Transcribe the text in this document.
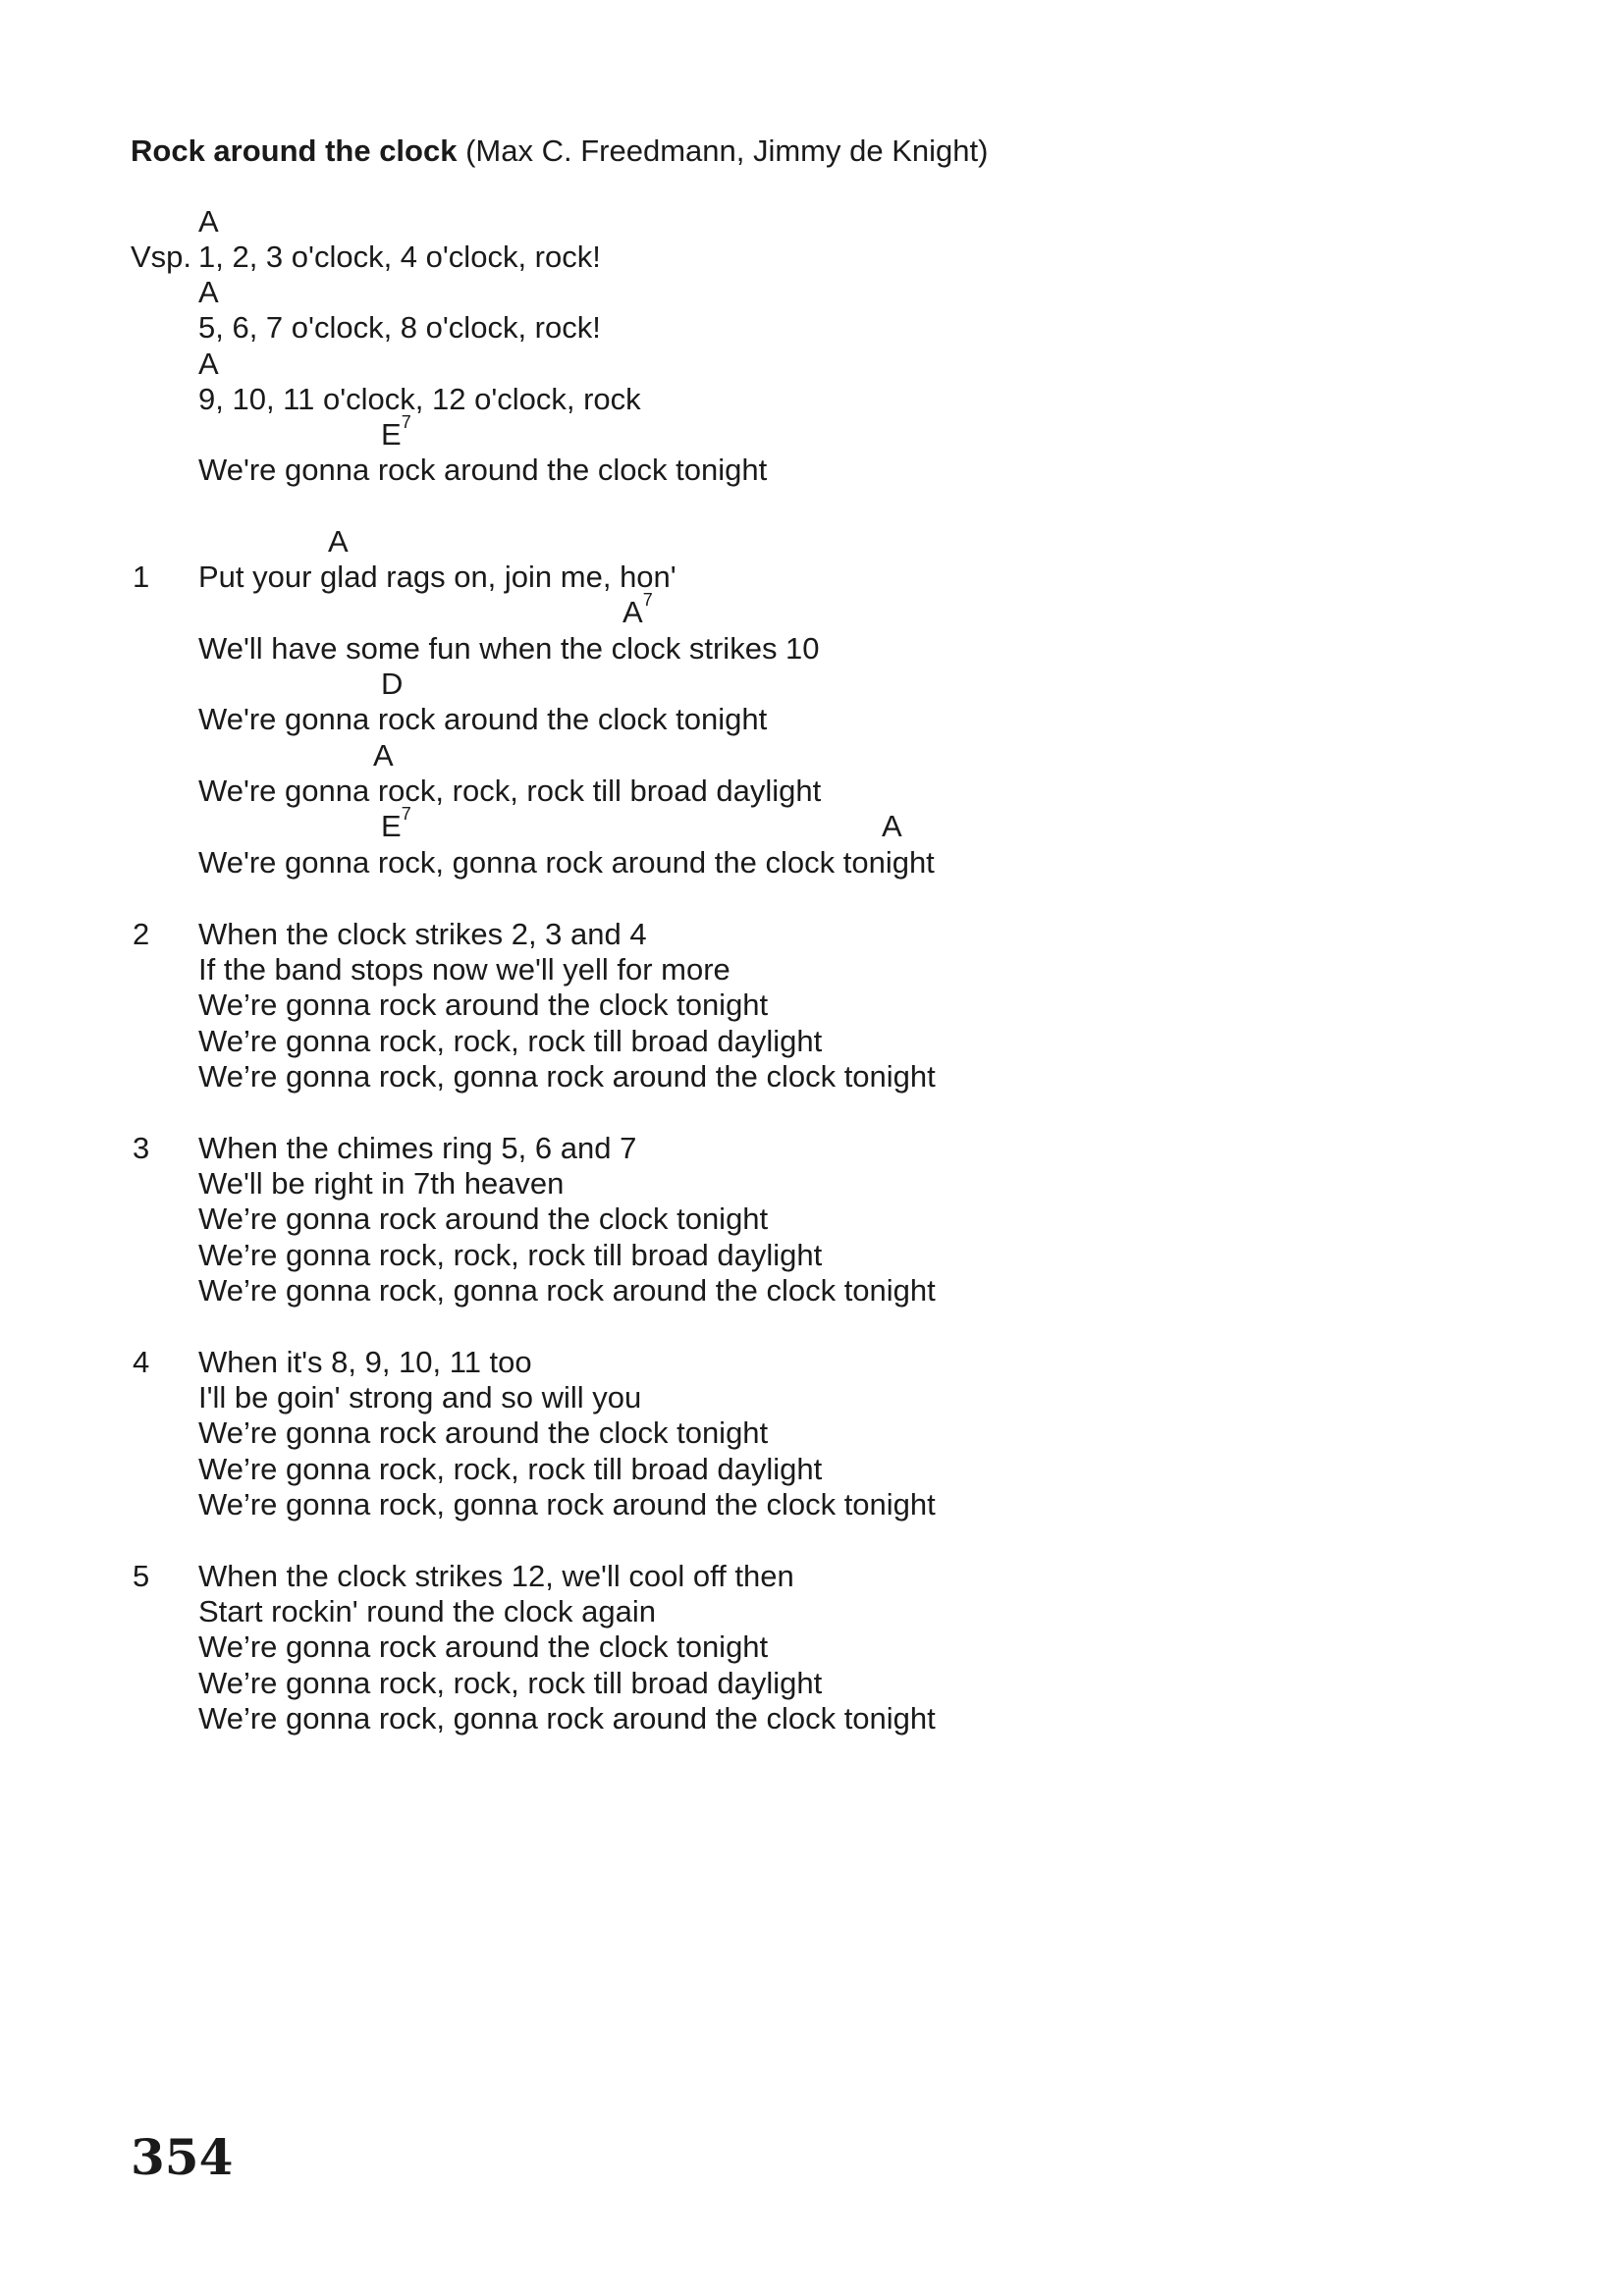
Rock around the clock (Max C. Freedmann, Jimmy de Knight)
A
Vsp. 1, 2, 3 o'clock, 4 o'clock, rock!
A
5, 6, 7 o'clock, 8 o'clock, rock!
A
9, 10, 11 o'clock, 12 o'clock, rock
$E^7$
We're gonna rock around the clock tonight
A
1 Put your glad rags on, join me, hon'
$A^7$
We'll have some fun when the clock strikes 10
D
We're gonna rock around the clock tonight
A
We're gonna rock, rock, rock till broad daylight
$E^7$	A
We're gonna rock, gonna rock around the clock tonight
2 When the clock strikes 2, 3 and 4
If the band stops now we'll yell for more
We’re gonna rock around the clock tonight
We’re gonna rock, rock, rock till broad daylight
We’re gonna rock, gonna rock around the clock tonight
3 When the chimes ring 5, 6 and 7
We'll be right in 7th heaven
We’re gonna rock around the clock tonight
We’re gonna rock, rock, rock till broad daylight
We’re gonna rock, gonna rock around the clock tonight
4 When it's 8, 9, 10, 11 too
I'll be goin' strong and so will you
We’re gonna rock around the clock tonight
We’re gonna rock, rock, rock till broad daylight
We’re gonna rock, gonna rock around the clock tonight
5 When the clock strikes 12, we'll cool off then
Start rockin' round the clock again
We’re gonna rock around the clock tonight
We’re gonna rock, rock, rock till broad daylight
We’re gonna rock, gonna rock around the clock tonight
354
